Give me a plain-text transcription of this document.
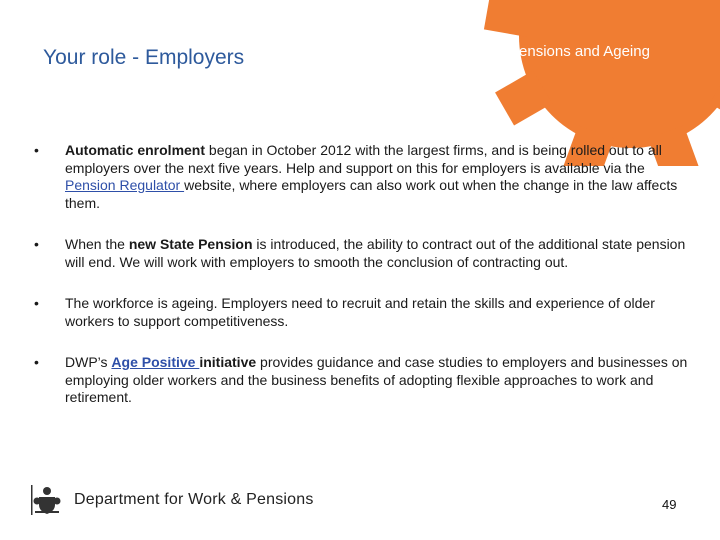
Your role - Employers	Pensions and Ageing
• Automatic enrolment began in October 2012 with the largest firms, and is being rolled out to all employers over the next five years. Help and support on this for employers is available via the Pension Regulator website, where employers can also work out when the change in the law affects them.
• When the new State Pension is introduced, the ability to contract out of the additional state pension will end. We will work with employers to smooth the conclusion of contracting out.
• The workforce is ageing. Employers need to recruit and retain the skills and experience of older workers to support competitiveness.
• DWP’s Age Positive initiative provides guidance and case studies to employers and businesses on employing older workers and the business benefits of adopting flexible approaches to work and retirement.
Department for Work & Pensions	49
